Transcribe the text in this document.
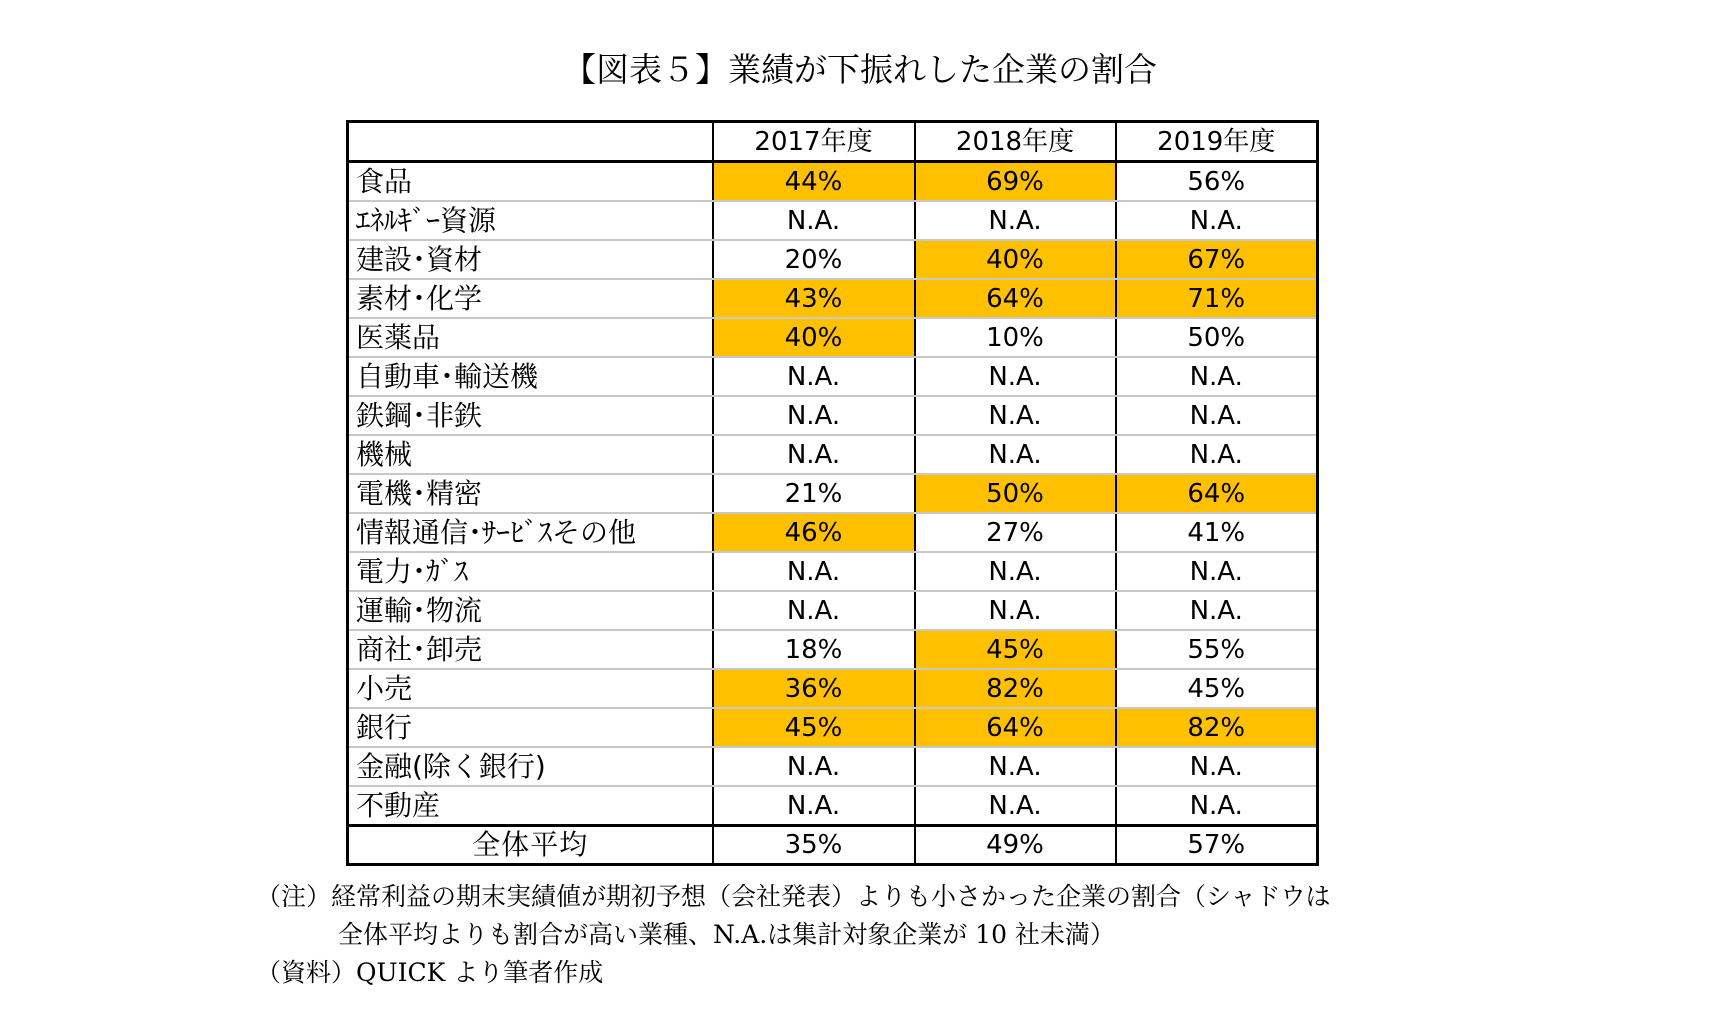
【図表５】業績が下振れした企業の割合
	2017年度	2018年度	2019年度
食品	44%	69%	56%
ｴﾈﾙｷﾞｰ資源	N.A.	N.A.	N.A.
建設･資材	20%	40%	67%
素材･化学	43%	64%	71%
医薬品	40%	10%	50%
自動車･輸送機	N.A.	N.A.	N.A.
鉄鋼･非鉄	N.A.	N.A.	N.A.
機械	N.A.	N.A.	N.A.
電機･精密	21%	50%	64%
情報通信･ｻｰﾋﾞｽその他	46%	27%	41%
電力･ｶﾞｽ	N.A.	N.A.	N.A.
運輸･物流	N.A.	N.A.	N.A.
商社･卸売	18%	45%	55%
小売	36%	82%	45%
銀行	45%	64%	82%
金融(除く銀行)	N.A.	N.A.	N.A.
不動産	N.A.	N.A.	N.A.
全体平均	35%	49%	57%
（注）経常利益の期末実績値が期初予想（会社発表）よりも小さかった企業の割合（シャドウは
全体平均よりも割合が高い業種、N.A.は集計対象企業が 10 社未満）
（資料）QUICK より筆者作成
